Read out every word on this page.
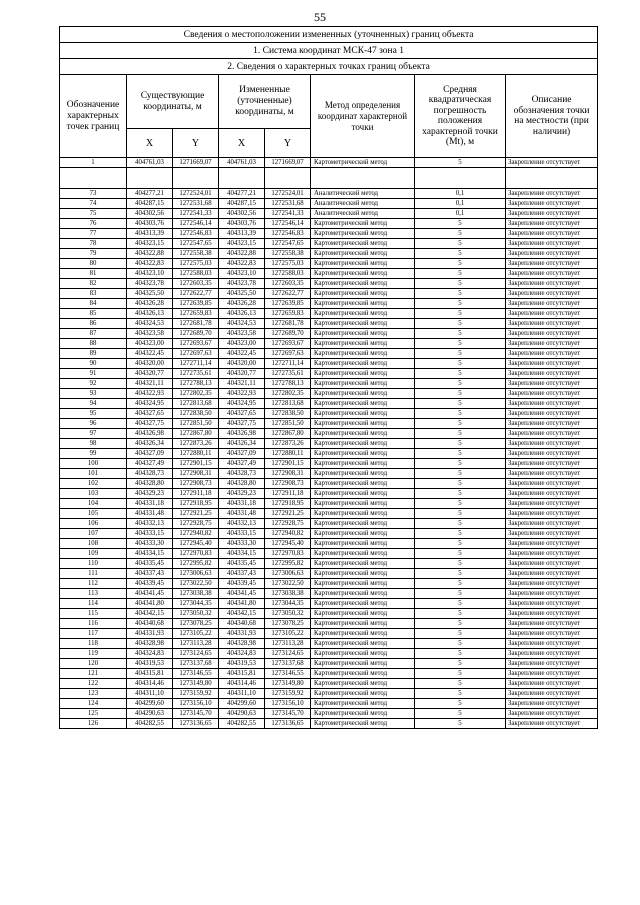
55
Сведения о местоположении измененных (уточненных) границ объекта							
1. Система координат МСК-47 зона 1							
2. Сведения о характерных точках границ объекта							
Обозначение характерных точек границ	Существующие координаты, м		Измененные (уточненные) координаты, м		Метод определения координат характерной точки	Средняя квадратическая погрешность положения характерной точки (Mt), м	Описание обозначения точки на местности (при наличии)
	X	Y	X	Y			
1	404761,03	1271669,07	404761,03	1271669,07	Картометрический метод	5	Закрепление отсутствует

73	404277,21	1272524,01	404277,21	1272524,01	Аналитический метод	0,1	Закрепление отсутствует
74	404287,15	1272531,68	404287,15	1272531,68	Аналитический метод	0,1	Закрепление отсутствует
75	404302,56	1272541,33	404302,56	1272541,33	Аналитический метод	0,1	Закрепление отсутствует
76	404303,76	1272546,14	404303,76	1272546,14	Картометрический метод	5	Закрепление отсутствует
77	404313,39	1272546,83	404313,39	1272546,83	Картометрический метод	5	Закрепление отсутствует
78	404323,15	1272547,65	404323,15	1272547,65	Картометрический метод	5	Закрепление отсутствует
79	404322,88	1272558,38	404322,88	1272558,38	Картометрический метод	5	Закрепление отсутствует
80	404322,83	1272575,03	404322,83	1272575,03	Картометрический метод	5	Закрепление отсутствует
81	404323,10	1272588,03	404323,10	1272588,03	Картометрический метод	5	Закрепление отсутствует
82	404323,78	1272603,35	404323,78	1272603,35	Картометрический метод	5	Закрепление отсутствует
83	404325,50	1272622,77	404325,50	1272622,77	Картометрический метод	5	Закрепление отсутствует
84	404326,28	1272639,85	404326,28	1272639,85	Картометрический метод	5	Закрепление отсутствует
85	404326,13	1272659,83	404326,13	1272659,83	Картометрический метод	5	Закрепление отсутствует
86	404324,53	1272681,78	404324,53	1272681,78	Картометрический метод	5	Закрепление отсутствует
87	404323,58	1272689,70	404323,58	1272689,70	Картометрический метод	5	Закрепление отсутствует
88	404323,00	1272693,67	404323,00	1272693,67	Картометрический метод	5	Закрепление отсутствует
89	404322,45	1272697,63	404322,45	1272697,63	Картометрический метод	5	Закрепление отсутствует
90	404320,00	1272711,14	404320,00	1272711,14	Картометрический метод	5	Закрепление отсутствует
91	404320,77	1272735,61	404320,77	1272735,61	Картометрический метод	5	Закрепление отсутствует
92	404321,11	1272788,13	404321,11	1272788,13	Картометрический метод	5	Закрепление отсутствует
93	404322,93	1272802,35	404322,93	1272802,35	Картометрический метод	5	Закрепление отсутствует
94	404324,95	1272813,68	404324,95	1272813,68	Картометрический метод	5	Закрепление отсутствует
95	404327,65	1272838,50	404327,65	1272838,50	Картометрический метод	5	Закрепление отсутствует
96	404327,75	1272851,50	404327,75	1272851,50	Картометрический метод	5	Закрепление отсутствует
97	404326,98	1272867,80	404326,98	1272867,80	Картометрический метод	5	Закрепление отсутствует
98	404326,34	1272873,26	404326,34	1272873,26	Картометрический метод	5	Закрепление отсутствует
99	404327,09	1272880,11	404327,09	1272880,11	Картометрический метод	5	Закрепление отсутствует
100	404327,49	1272901,15	404327,49	1272901,15	Картометрический метод	5	Закрепление отсутствует
101	404328,73	1272908,31	404328,73	1272908,31	Картометрический метод	5	Закрепление отсутствует
102	404328,80	1272908,73	404328,80	1272908,73	Картометрический метод	5	Закрепление отсутствует
103	404329,23	1272911,18	404329,23	1272911,18	Картометрический метод	5	Закрепление отсутствует
104	404331,18	1272918,95	404331,18	1272918,95	Картометрический метод	5	Закрепление отсутствует
105	404331,48	1272921,25	404331,48	1272921,25	Картометрический метод	5	Закрепление отсутствует
106	404332,13	1272928,75	404332,13	1272928,75	Картометрический метод	5	Закрепление отсутствует
107	404333,15	1272940,82	404333,15	1272940,82	Картометрический метод	5	Закрепление отсутствует
108	404333,30	1272945,40	404333,30	1272945,40	Картометрический метод	5	Закрепление отсутствует
109	404334,15	1272970,83	404334,15	1272970,83	Картометрический метод	5	Закрепление отсутствует
110	404335,45	1272995,82	404335,45	1272995,82	Картометрический метод	5	Закрепление отсутствует
111	404337,43	1273006,63	404337,43	1273006,63	Картометрический метод	5	Закрепление отсутствует
112	404339,45	1273022,50	404339,45	1273022,50	Картометрический метод	5	Закрепление отсутствует
113	404341,45	1273038,38	404341,45	1273038,38	Картометрический метод	5	Закрепление отсутствует
114	404341,80	1273044,35	404341,80	1273044,35	Картометрический метод	5	Закрепление отсутствует
115	404342,15	1273050,32	404342,15	1273050,32	Картометрический метод	5	Закрепление отсутствует
116	404340,68	1273078,25	404340,68	1273078,25	Картометрический метод	5	Закрепление отсутствует
117	404331,93	1273105,22	404331,93	1273105,22	Картометрический метод	5	Закрепление отсутствует
118	404328,98	1273113,28	404328,98	1273113,28	Картометрический метод	5	Закрепление отсутствует
119	404324,83	1273124,65	404324,83	1273124,65	Картометрический метод	5	Закрепление отсутствует
120	404319,53	1273137,68	404319,53	1273137,68	Картометрический метод	5	Закрепление отсутствует
121	404315,81	1273146,55	404315,81	1273146,55	Картометрический метод	5	Закрепление отсутствует
122	404314,46	1273149,80	404314,46	1273149,80	Картометрический метод	5	Закрепление отсутствует
123	404311,10	1273159,92	404311,10	1273159,92	Картометрический метод	5	Закрепление отсутствует
124	404299,60	1273156,10	404299,60	1273156,10	Картометрический метод	5	Закрепление отсутствует
125	404290,63	1273145,70	404290,63	1273145,70	Картометрический метод	5	Закрепление отсутствует
126	404282,55	1273136,65	404282,55	1273136,65	Картометрический метод	5	Закрепление отсутствует
